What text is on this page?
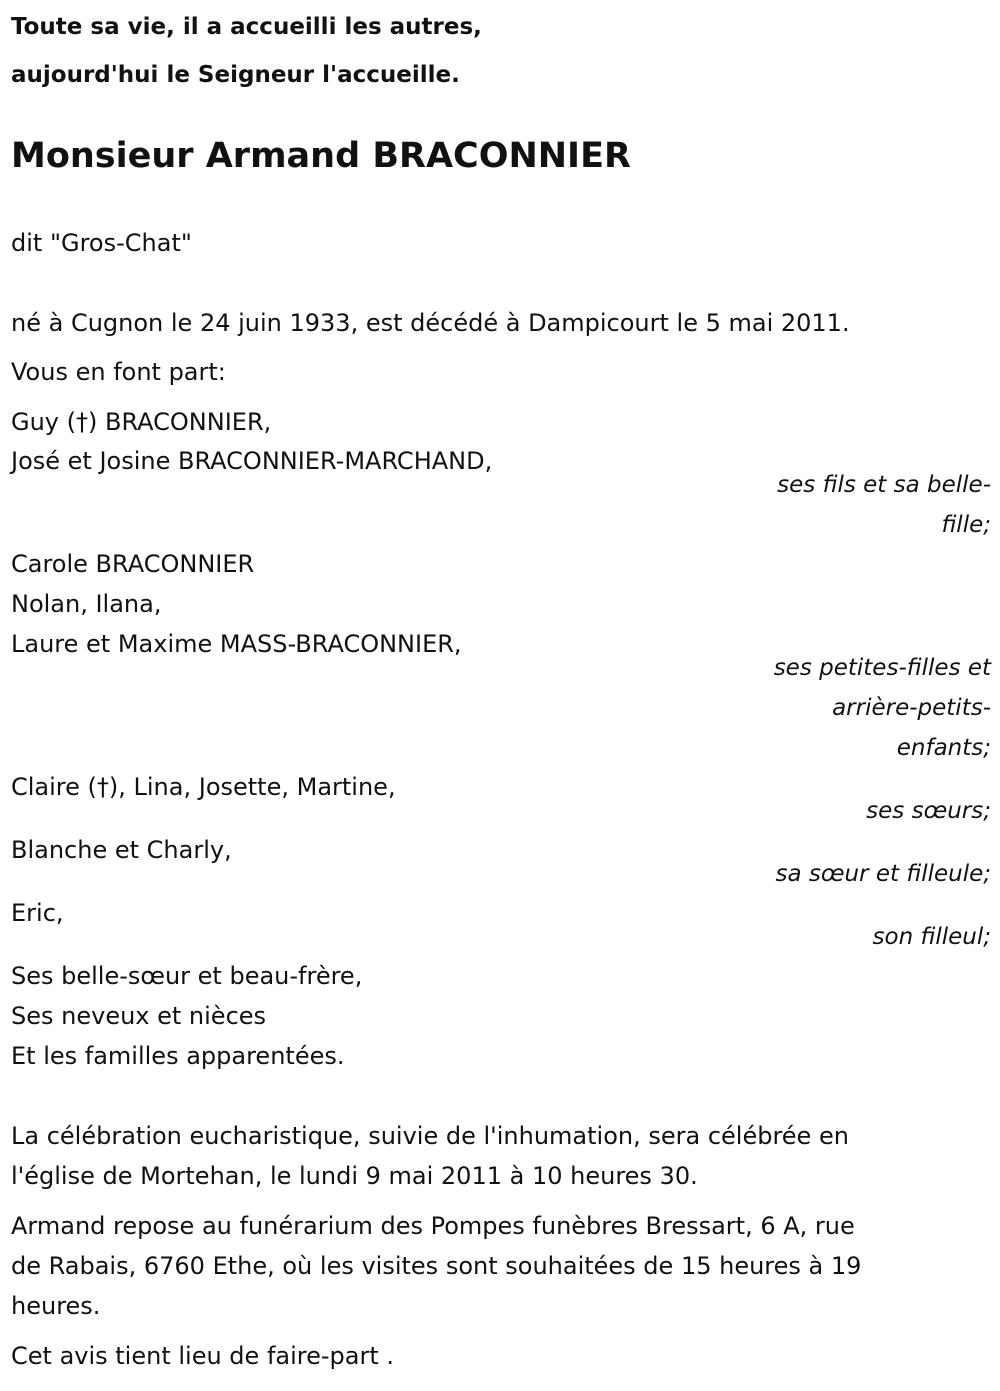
Toute sa vie, il a accueilli les autres,
aujourd'hui le Seigneur l'accueille.
Monsieur Armand BRACONNIER
dit "Gros-Chat"
né à Cugnon le 24 juin 1933, est décédé à Dampicourt le 5 mai 2011.
Vous en font part:
Guy (†) BRACONNIER,
José et Josine BRACONNIER-MARCHAND,
ses fils et sa belle-
fille;
Carole BRACONNIER
Nolan, Ilana,
Laure et Maxime MASS-BRACONNIER,
ses petites-filles et
arrière-petits-
enfants;
Claire (†), Lina, Josette, Martine,
ses sœurs;
Blanche et Charly,
sa sœur et filleule;
Eric,
son filleul;
Ses belle-sœur et beau-frère,
Ses neveux et nièces
Et les familles apparentées.
La célébration eucharistique, suivie de l'inhumation, sera célébrée en
l'église de Mortehan, le lundi 9 mai 2011 à 10 heures 30.
Armand repose au funérarium des Pompes funèbres Bressart, 6 A, rue
de Rabais, 6760 Ethe, où les visites sont souhaitées de 15 heures à 19
heures.
Cet avis tient lieu de faire-part .
